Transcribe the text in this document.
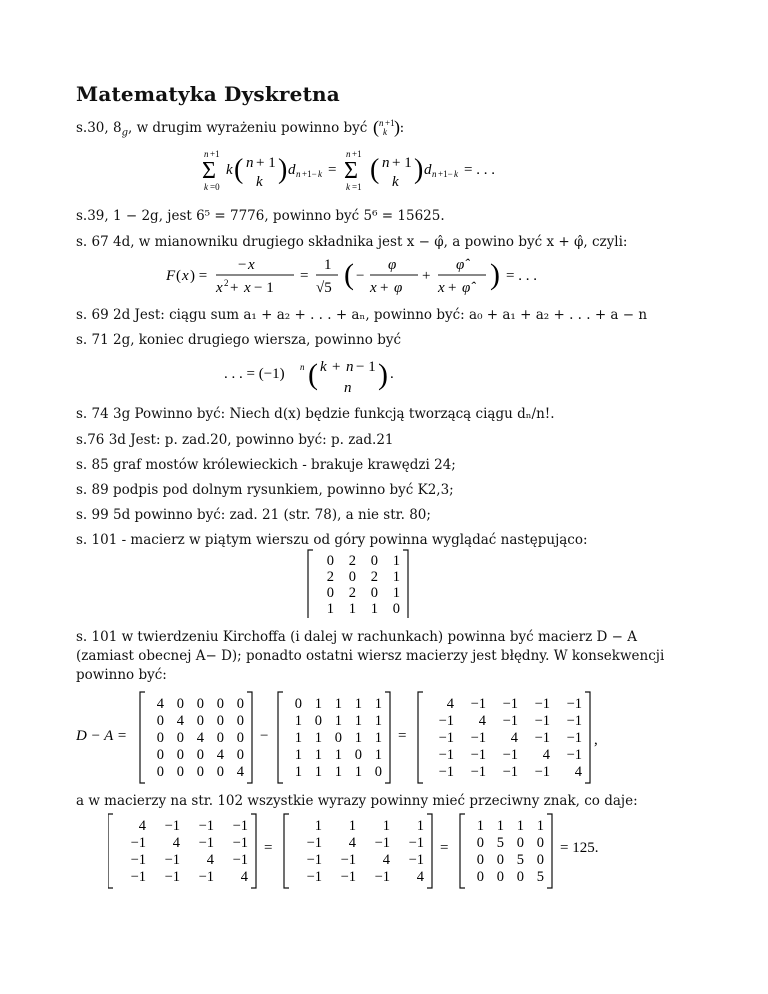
Matematyka Dyskretna
s.30, $8_g$, w drugim wyrażeniu powinno być ( n +1
k ) :
n +1
Σ
k =0
k ( n + 1
k ) d n +1− k =
n +1
Σ
k =1
( n + 1
k ) d n +1− k = . . .
s.39, 1 − 2g, jest 6⁵ = 7776, powinno być 5⁶ = 15625.
s. 67 4d, w mianowniku drugiego składnika jest x − φ̂, a powino być x + φ̂, czyli:
F ( x ) =
− x
x 2 + x − 1
=
1
√5 ( −
φ
x + φ
+
φ̂
x + φ̂ ) = . . .
s. 69 2d Jest: ciągu sum a₁ + a₂ + . . . + aₙ, powinno być: a₀ + a₁ + a₂ + . . . + a − n
s. 71 2g, koniec drugiego wiersza, powinno być
. . . = (−1) n ( k + n − 1
n ) .
s. 74 3g Powinno być: Niech d(x) będzie funkcją tworzącą ciągu dₙ/n!.
s.76 3d Jest: p. zad.20, powinno być: p. zad.21
s. 85 graf mostów królewieckich - brakuje krawędzi 24;
s. 89 podpis pod dolnym rysunkiem, powinno być K2,3;
s. 99 5d powinno być: zad. 21 (str. 78), a nie str. 80;
s. 101 - macierz w piątym wierszu od góry powinna wyglądać następująco:
0 2 0 1
2 0 2 1
0 2 0 1
1 1 1 0
s. 101 w twierdzeniu Kirchoffa (i dalej w rachunkach) powinna być macierz D − A (zamiast obecnej A− D); ponadto ostatni wiersz macierzy jest błędny. W konsekwencji powinno być:
D − A =
4 0 0 0 0
0 4 0 0 0
0 0 4 0 0
0 0 0 4 0
0 0 0 0 4
−
0 1 1 1 1
1 0 1 1 1
1 1 0 1 1
1 1 1 0 1
1 1 1 1 0
=
4 −1 −1 −1 −1
−1 4 −1 −1 −1
−1 −1 4 −1 −1
−1 −1 −1 4 −1
−1 −1 −1 −1 4
,
a w macierzy na str. 102 wszystkie wyrazy powinny mieć przeciwny znak, co daje:
4 −1 −1 −1
−1 4 −1 −1
−1 −1 4 −1
−1 −1 −1 4
=
1 1 1 1
−1 4 −1 −1
−1 −1 4 −1
−1 −1 −1 4
=
1 1 1 1
0 5 0 0
0 0 5 0
0 0 0 5
= 125.
